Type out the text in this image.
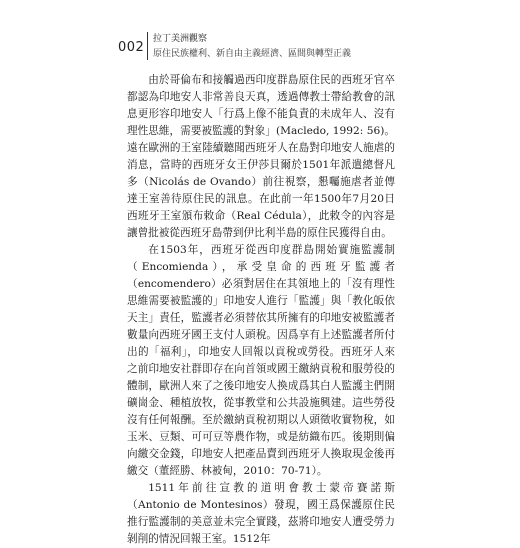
002
拉丁美洲觀察
原住民族權利、新自由主義經濟、區間與轉型正義

由於哥倫布和接觸過西印度群島原住民的西班牙官卒都認為印地安人非常善良天真，透過傳教士帶給教會的訊息更形容印地安人「行爲上像不能負責的未成年人、沒有理性思維，需要被監護的對象」(Macledo, 1992: 56)。遠在歐洲的王室陸續聽聞西班牙人在島對印地安人施虐的消息，當時的西班牙女王伊莎貝爾於1501年派遣總督凡多（Nicolás de Ovando）前往視察，懇囑施虐者並傳達王室善待原住民的訊息。在此前一年1500年7月20日西班牙王室頒布敕命（Real Cédula），此敕令的內容是讓曾批被從西班牙島帶到伊比利半島的原住民獲得自由。

在1503年，西班牙從西印度群島開始實施監護制（Encomienda），承受皇命的西班牙監護者（encomendero）必須對居住在其領地上的「沒有理性思維需要被監護的」印地安人進行「監護」與「教化皈依天主」責任，監護者必須替依其所擁有的印地安被監護者數量向西班牙國王支付人頭稅。因爲享有上述監護者所付出的「福利」，印地安人回報以貢稅或勞役。西班牙人來之前印地安社群即存在向首領或國王繳納貢稅和服勞役的體制，歐洲人來了之後印地安人換成爲其白人監護主們開礦崗金、種植放牧，從事教堂和公共設施興建。這些勞役沒有任何報酬。至於繳納貢稅初期以人頭徵收實物稅，如玉米、豆類、可可豆等農作物，或是紡織布匹。後期則偏向繳交金錢，印地安人把產品賣到西班牙人換取現金後再繳交（董經勝、林被甸，2010：70-71）。

1511年前往宣教的道明會教士蒙帝賽諾斯（Antonio de Montesinos）發現，國王爲保護原住民推行監護制的美意並未完全實踐，茲將印地安人遭受勞力剝削的情況回報王室。1512年
